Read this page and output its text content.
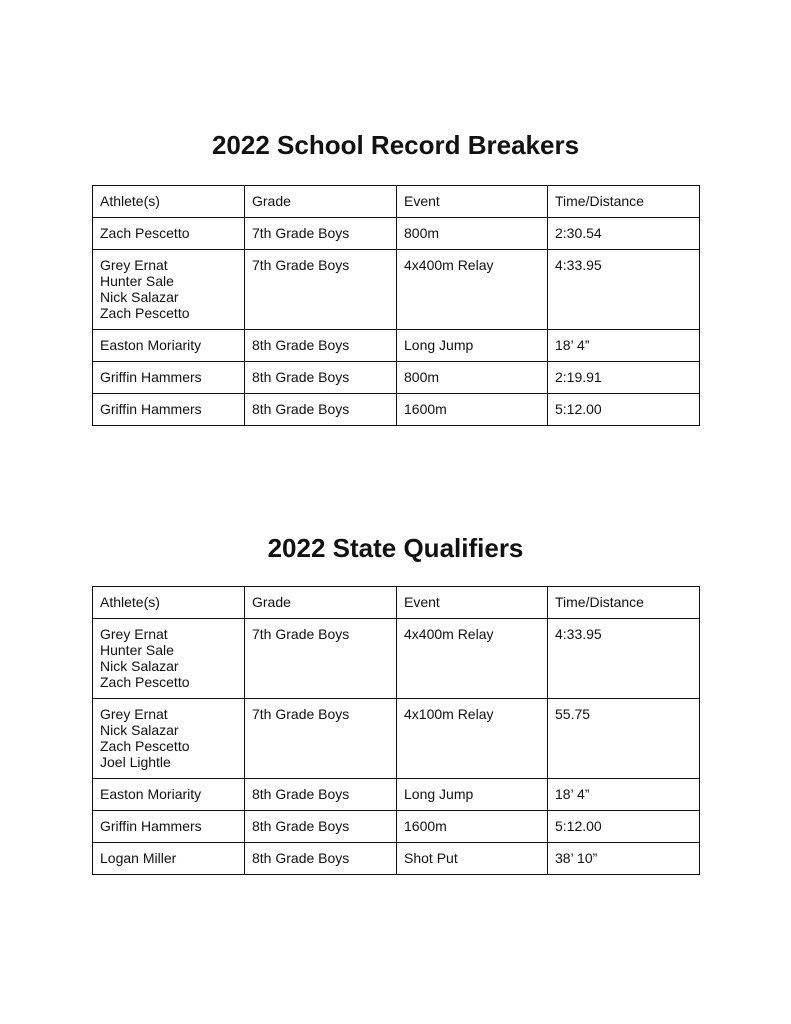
2022 School Record Breakers
Athlete(s)	Grade	Event	Time/Distance

Zach Pescetto	7th Grade Boys	800m	2:30.54

Grey Ernat
Hunter Sale
Nick Salazar
Zach Pescetto	7th Grade Boys	4x400m Relay	4:33.95

Easton Moriarity	8th Grade Boys	Long Jump	18’ 4”

Griffin Hammers	8th Grade Boys	800m	2:19.91

Griffin Hammers	8th Grade Boys	1600m	5:12.00
2022 State Qualifiers
Athlete(s)	Grade	Event	Time/Distance

Grey Ernat
Hunter Sale
Nick Salazar
Zach Pescetto	7th Grade Boys	4x400m Relay	4:33.95

Grey Ernat
Nick Salazar
Zach Pescetto
Joel Lightle	7th Grade Boys	4x100m Relay	55.75

Easton Moriarity	8th Grade Boys	Long Jump	18’ 4”

Griffin Hammers	8th Grade Boys	1600m	5:12.00

Logan Miller	8th Grade Boys	Shot Put	38’ 10”
